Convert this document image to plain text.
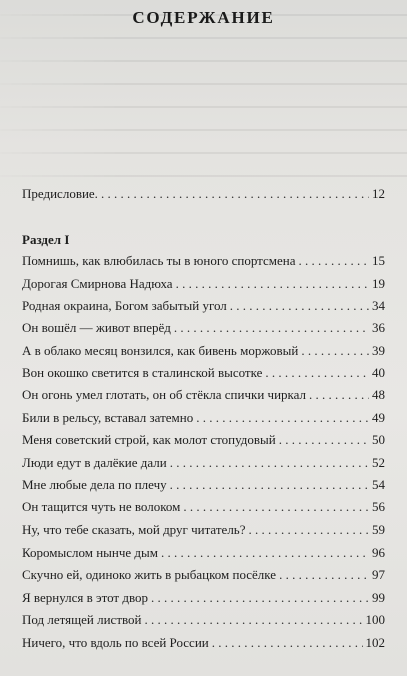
СОДЕРЖАНИЕ
Предисловие. . . .	12
Раздел I
Помнишь, как влюбилась ты в юного спортсмена . . .	15
Дорогая Смирнова Надюха . . .	19
Родная окраина, Богом забытый угол . . .	34
Он вошёл — живот вперёд . . .	36
А в облако месяц вонзился, как бивень моржовый . . .	39
Вон окошко светится в сталинской высотке . . .	40
Он огонь умел глотать, он об стёкла спички чиркал . . .	48
Били в рельсу, вставал затемно . . .	49
Меня советский строй, как молот стопудовый . . .	50
Люди едут в далёкие дали . . .	52
Мне любые дела по плечу . . .	54
Он тащится чуть не волоком . . .	56
Ну, что тебе сказать, мой друг читатель? . . .	59
Коромыслом нынче дым . . .	96
Скучно ей, одиноко жить в рыбацком посёлке . . .	97
Я вернулся в этот двор . . .	99
Под летящей листвой . . .	100
Ничего, что вдоль по всей России . . .	102
